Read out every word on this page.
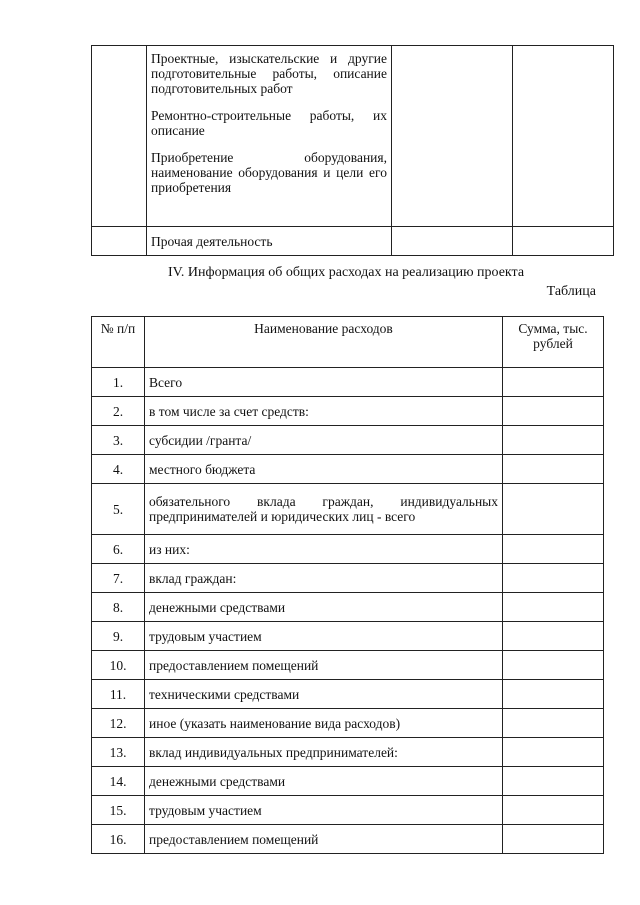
	Проектные, изыскательские и другие подготовительные работы, описание подготовительных работ

Ремонтно-строительные работы, их описание

Приобретение оборудования, наименование оборудования и цели его приобретения		

	Прочая деятельность		
IV. Информация об общих расходах на реализацию проекта
Таблица
№ п/п	Наименование расходов	Сумма, тыс. рублей
1.	Всего	
2.	в том числе за счет средств:	
3.	субсидии /гранта/	
4.	местного бюджета	
5.	обязательного вклада граждан, индивидуальных предпринимателей и юридических лиц - всего	
6.	из них:	
7.	вклад граждан:	
8.	денежными средствами	
9.	трудовым участием	
10.	предоставлением помещений	
11.	техническими средствами	
12.	иное (указать наименование вида расходов)	
13.	вклад индивидуальных предпринимателей:	
14.	денежными средствами	
15.	трудовым участием	
16.	предоставлением помещений	
